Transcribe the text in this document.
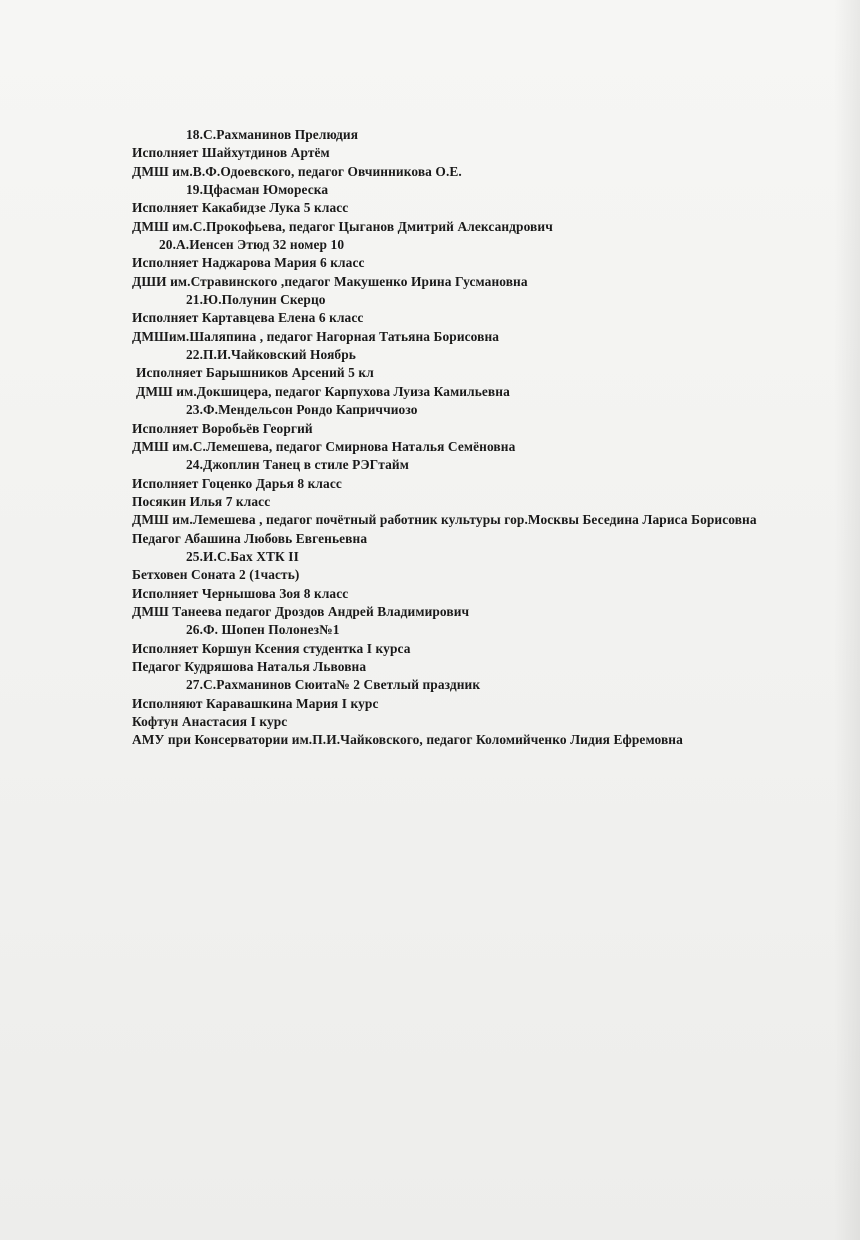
18.С.Рахманинов Прелюдия
Исполняет Шайхутдинов Артём
ДМШ им.В.Ф.Одоевского, педагог Овчинникова О.Е.
19.Цфасман Юмореска
Исполняет Какабидзе Лука 5 класс
ДМШ им.С.Прокофьева, педагог Цыганов Дмитрий Александрович
20.А.Иенсен Этюд 32 номер 10
Исполняет Наджарова Мария 6 класс
ДШИ им.Стравинского ,педагог Макушенко Ирина Гусмановна
21.Ю.Полунин Скерцо
Исполняет Картавцева Елена 6 класс
ДМШим.Шаляпина , педагог Нагорная Татьяна Борисовна
22.П.И.Чайковский Ноябрь
Исполняет Барышников Арсений 5 кл
ДМШ им.Докшицера, педагог Карпухова Луиза Камильевна
23.Ф.Мендельсон Рондо Каприччиозо
Исполняет Воробьёв Георгий
ДМШ им.С.Лемешева, педагог Смирнова Наталья Семёновна
24.Джоплин Танец в стиле РЭГтайм
Исполняет Гоценко Дарья 8 класс
Посякин Илья 7 класс
ДМШ им.Лемешева , педагог почётный работник культуры гор.Москвы Беседина Лариса Борисовна
Педагог Абашина Любовь Евгеньевна
25.И.С.Бах ХТК II
Бетховен Соната 2 (1часть)
Исполняет Чернышова Зоя 8 класс
ДМШ Танеева педагог Дроздов Андрей Владимирович
26.Ф. Шопен Полонез№1
Исполняет Коршун Ксения студентка I курса
Педагог Кудряшова Наталья Львовна
27.С.Рахманинов Сюита№ 2 Светлый праздник
Исполняют Каравашкина Мария I курс
Кофтун Анастасия I курс
АМУ при Консерватории им.П.И.Чайковского, педагог Коломийченко Лидия Ефремовна
